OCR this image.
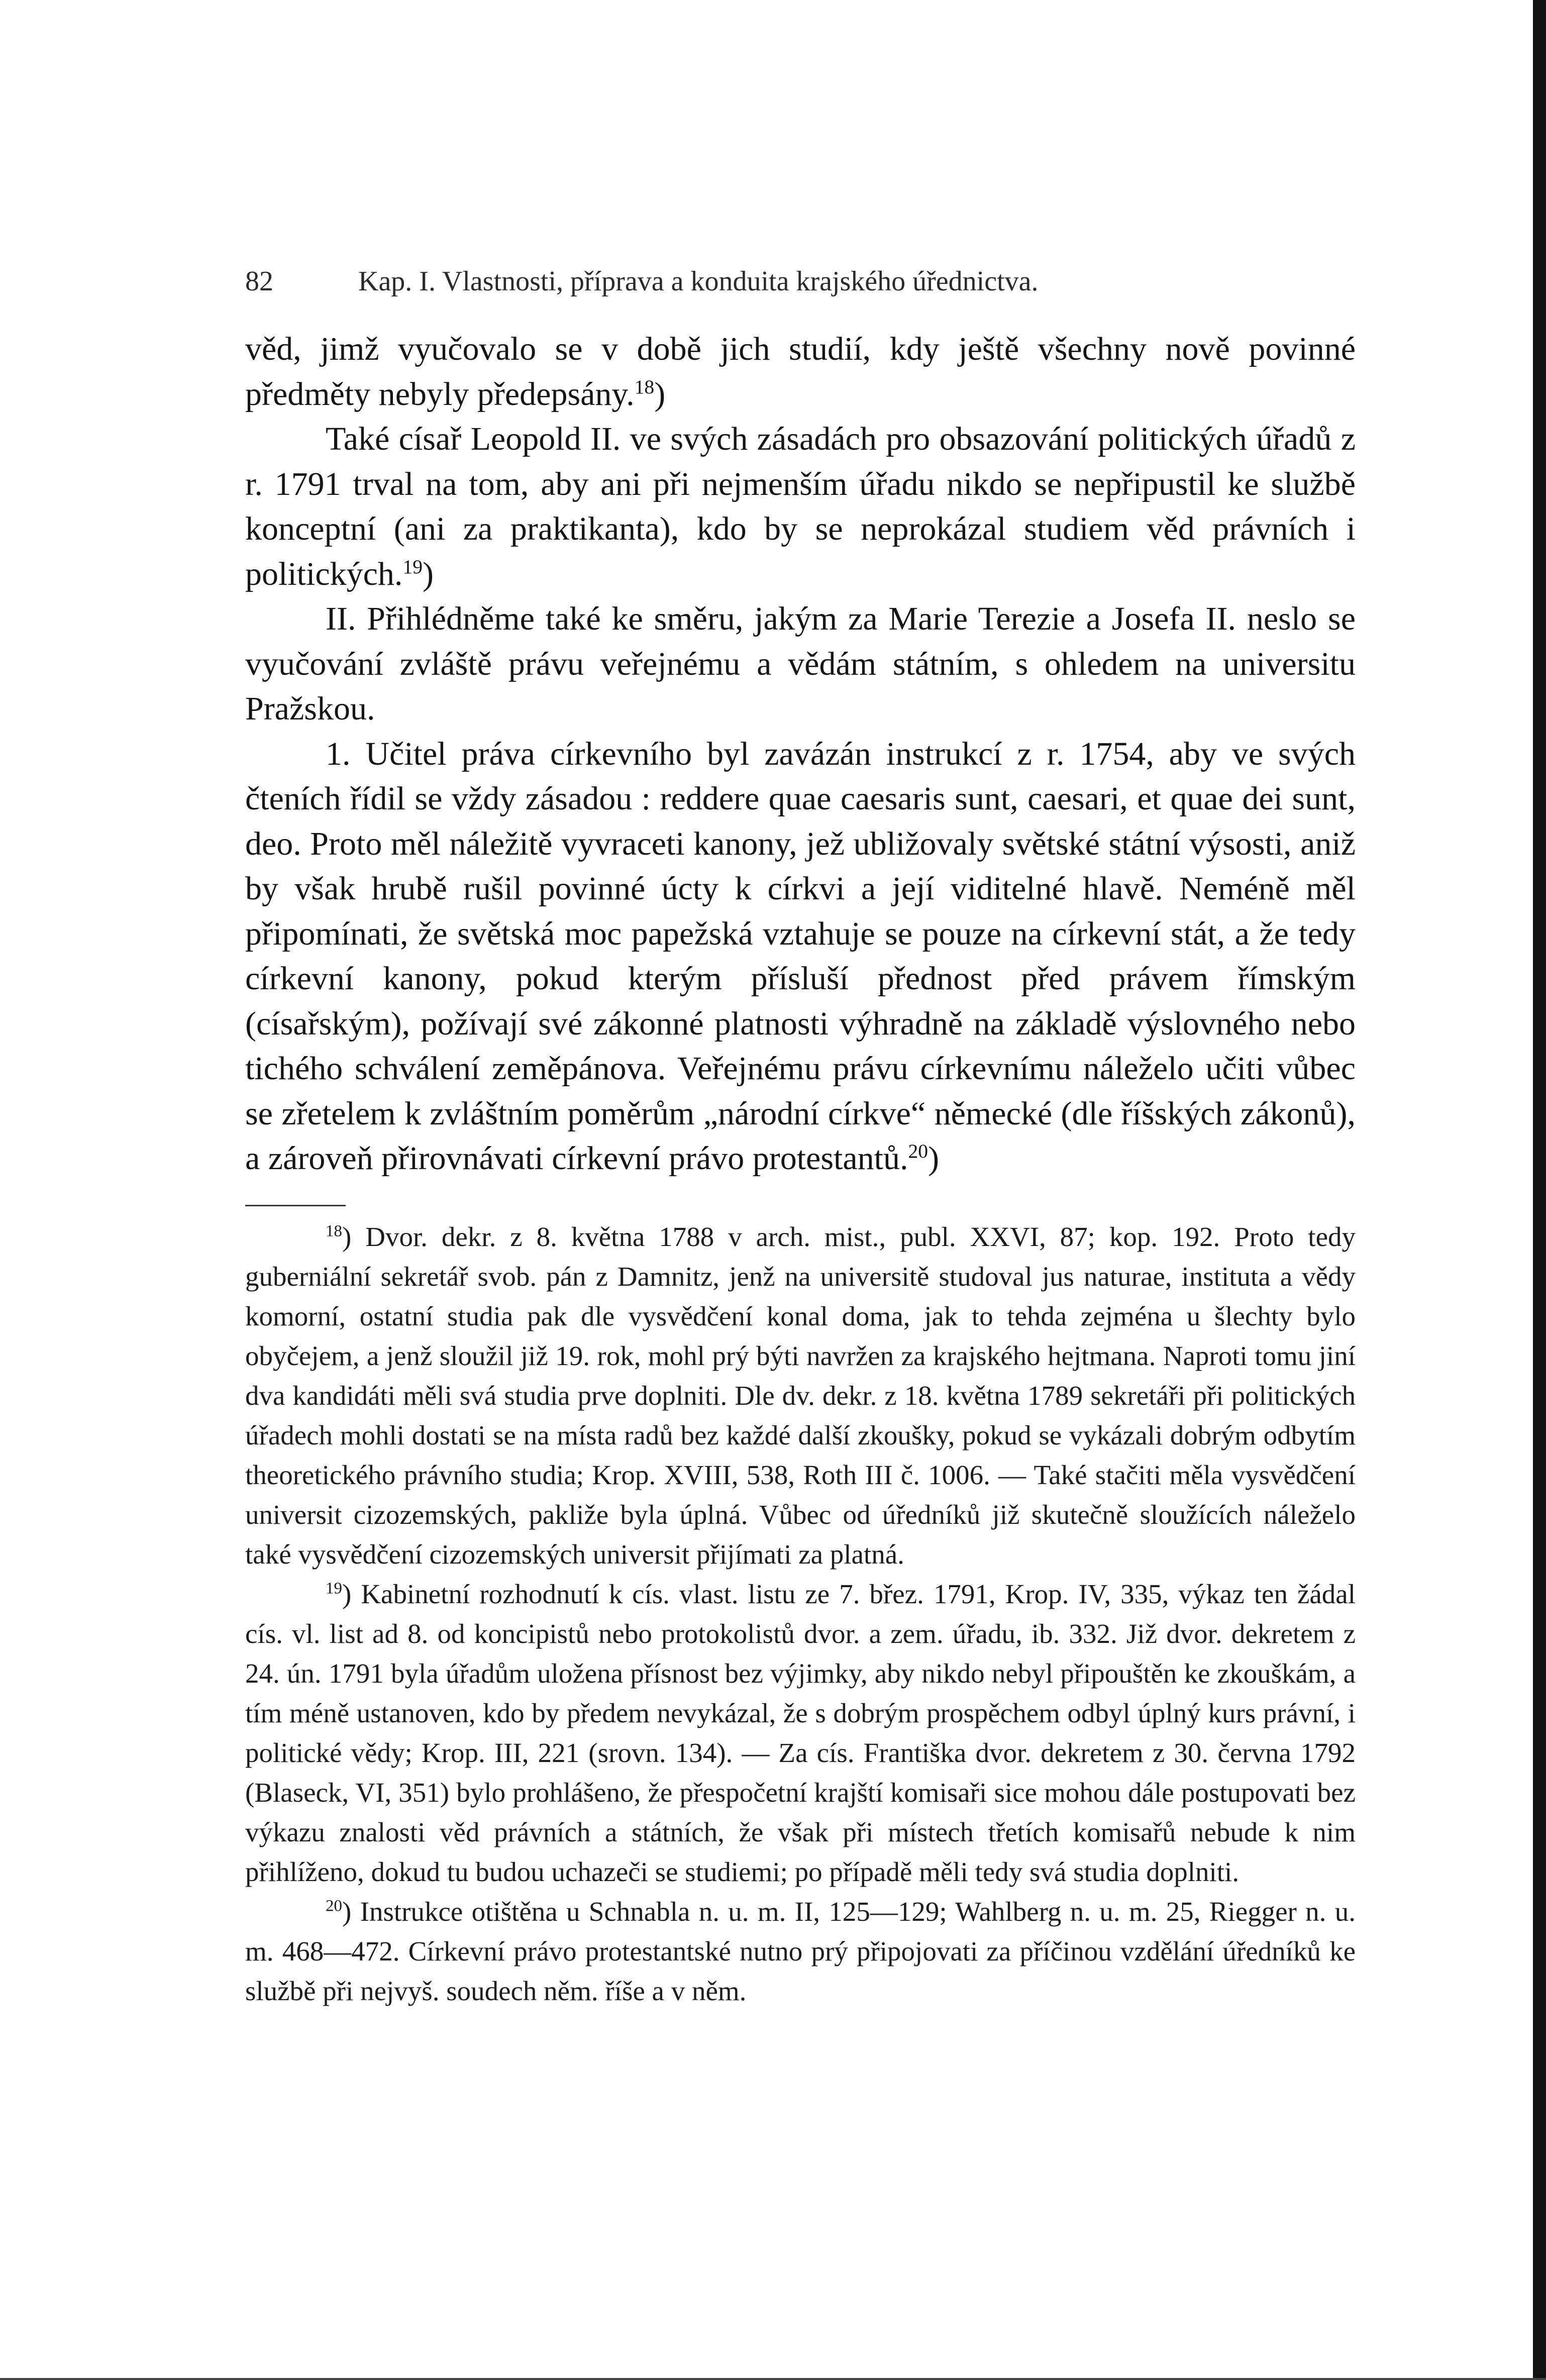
82	Kap. I. Vlastnosti, příprava a konduita krajského úřednictva.

věd, jimž vyučovalo se v době jich studií, kdy ještě všechny nově povinné předměty nebyly předepsány.$^{18}$)

Také císař Leopold II. ve svých zásadách pro obsazování politických úřadů z r. 1791 trval na tom, aby ani při nejmenším úřadu nikdo se nepřipustil ke službě konceptní (ani za praktikanta), kdo by se neprokázal studiem věd právních i politických.$^{19}$)

II. Přihlédněme také ke směru, jakým za Marie Terezie a Josefa II. neslo se vyučování zvláště právu veřejnému a vědám státním, s ohledem na universitu Pražskou.

1. Učitel práva církevního byl zavázán instrukcí z r. 1754, aby ve svých čteních řídil se vždy zásadou : reddere quae caesaris sunt, caesari, et quae dei sunt, deo. Proto měl náležitě vyvraceti kanony, jež ubližovaly světské státní výsosti, aniž by však hrubě rušil povinné úcty k církvi a její viditelné hlavě. Neméně měl připomínati, že světská moc papežská vztahuje se pouze na církevní stát, a že tedy církevní kanony, pokud kterým přísluší přednost před právem římským (císařským), požívají své zákonné platnosti výhradně na základě výslovného nebo tichého schválení zeměpánova. Veřejnému právu církevnímu náleželo učiti vůbec se zřetelem k zvláštním poměrům „národní církve“ německé (dle říšských zákonů), a zároveň přirovnávati církevní právo protestantů.$^{20}$)

$^{18}$) Dvor. dekr. z 8. května 1788 v arch. mist., publ. XXVI, 87; kop. 192. Proto tedy guberniální sekretář svob. pán z Damnitz, jenž na universitě studoval jus naturae, instituta a vědy komorní, ostatní studia pak dle vysvědčení konal doma, jak to tehda zejména u šlechty bylo obyčejem, a jenž sloužil již 19. rok, mohl prý býti navržen za krajského hejtmana. Naproti tomu jiní dva kandidáti měli svá studia prve doplniti. Dle dv. dekr. z 18. května 1789 sekretáři při politických úřadech mohli dostati se na místa radů bez každé další zkoušky, pokud se vykázali dobrým odbytím theoretického právního studia; Krop. XVIII, 538, Roth III č. 1006. — Také stačiti měla vysvědčení universit cizozemských, pakliže byla úplná. Vůbec od úředníků již skutečně sloužících náleželo také vysvědčení cizozemských universit přijímati za platná.

$^{19}$) Kabinetní rozhodnutí k cís. vlast. listu ze 7. břez. 1791, Krop. IV, 335, výkaz ten žádal cís. vl. list ad 8. od koncipistů nebo protokolistů dvor. a zem. úřadu, ib. 332. Již dvor. dekretem z 24. ún. 1791 byla úřadům uložena přísnost bez výjimky, aby nikdo nebyl připouštěn ke zkouškám, a tím méně ustanoven, kdo by předem nevykázal, že s dobrým prospěchem odbyl úplný kurs právní, i politické vědy; Krop. III, 221 (srovn. 134). — Za cís. Františka dvor. dekretem z 30. června 1792 (Blaseck, VI, 351) bylo prohlášeno, že přespočetní krajští komisaři sice mohou dále postupovati bez výkazu znalosti věd právních a státních, že však při místech třetích komisařů nebude k nim přihlíženo, dokud tu budou uchazeči se studiemi; po případě měli tedy svá studia doplniti.

$^{20}$) Instrukce otištěna u Schnabla n. u. m. II, 125—129; Wahlberg n. u. m. 25, Riegger n. u. m. 468—472. Církevní právo protestantské nutno prý připojovati za příčinou vzdělání úředníků ke službě při nejvyš. soudech něm. říše a v něm.
